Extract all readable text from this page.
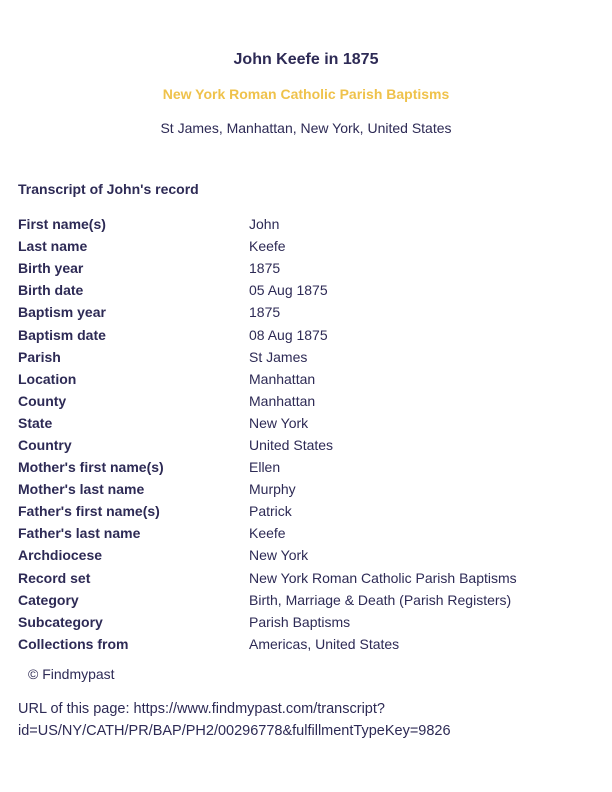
John Keefe in 1875
New York Roman Catholic Parish Baptisms
St James, Manhattan, New York, United States
Transcript of John's record
First name(s)	John
Last name	Keefe
Birth year	1875
Birth date	05 Aug 1875
Baptism year	1875
Baptism date	08 Aug 1875
Parish	St James
Location	Manhattan
County	Manhattan
State	New York
Country	United States
Mother's first name(s)	Ellen
Mother's last name	Murphy
Father's first name(s)	Patrick
Father's last name	Keefe
Archdiocese	New York
Record set	New York Roman Catholic Parish Baptisms
Category	Birth, Marriage & Death (Parish Registers)
Subcategory	Parish Baptisms
Collections from	Americas, United States
© Findmypast
URL of this page: https://www.findmypast.com/transcript?
id=US/NY/CATH/PR/BAP/PH2/00296778&fulfillmentTypeKey=9826
